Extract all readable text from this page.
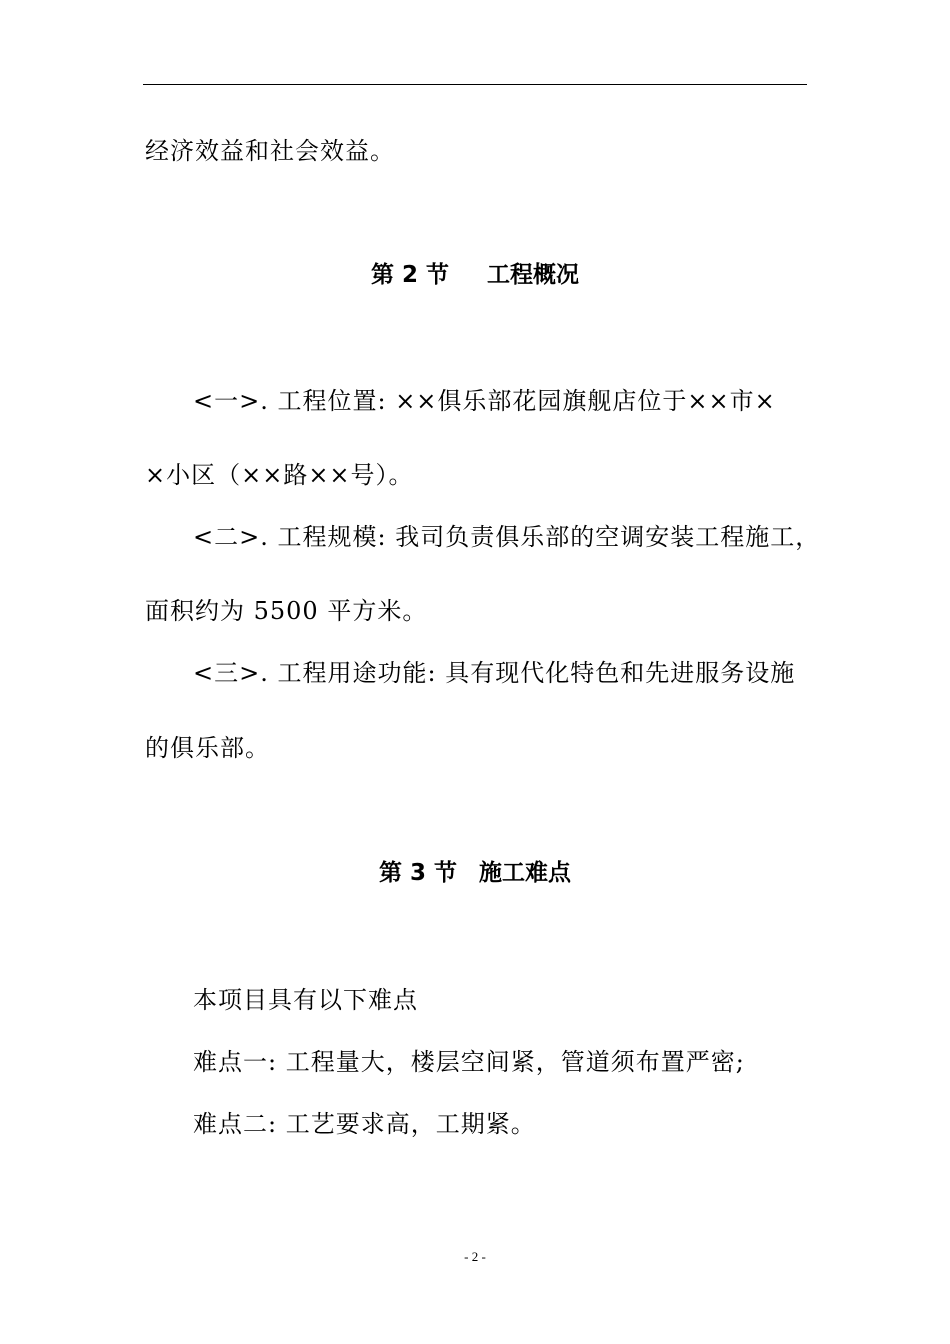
经济效益和社会效益。
第 2 节 工程概况
<一>. 工程位置: ××俱乐部花园旗舰店位于××市×
×小区（××路××号）。
<二>. 工程规模: 我司负责俱乐部的空调安装工程施工，
面积约为 5500 平方米。
<三>. 工程用途功能: 具有现代化特色和先进服务设施
的俱乐部。
第 3 节 施工难点
本项目具有以下难点
难点一: 工程量大，楼层空间紧，管道须布置严密;
难点二: 工艺要求高，工期紧。
- 2 -
